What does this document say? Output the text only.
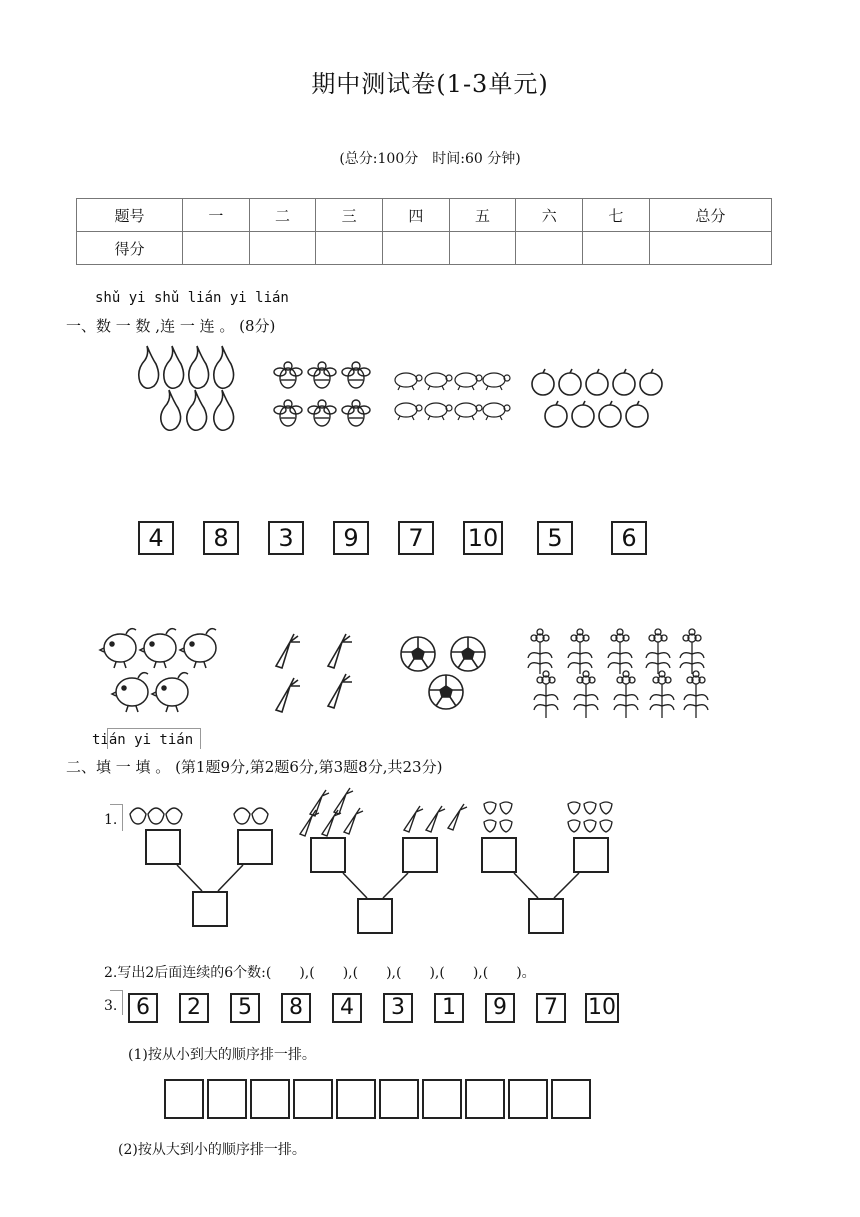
期中测试卷(1-3单元)
(总分:100分　时间:60 分钟)
题号	一	二	三	四	五	六	七	总分
得分								
shǔ yi shǔ lián yi lián
一、数 一 数 ,连 一 连 。 (8分)
4	8	3	9	7	10	5	6
tián yi tián
二、填 一 填 。 (第1题9分,第2题6分,第3题8分,共23分)
1.
2.写出2后面连续的6个数:(　　),(　　),(　　),(　　),(　　),(　　)。
3. 6	2	5	8	4	3	1	9	7	10
(1)按从小到大的顺序排一排。
(2)按从大到小的顺序排一排。
